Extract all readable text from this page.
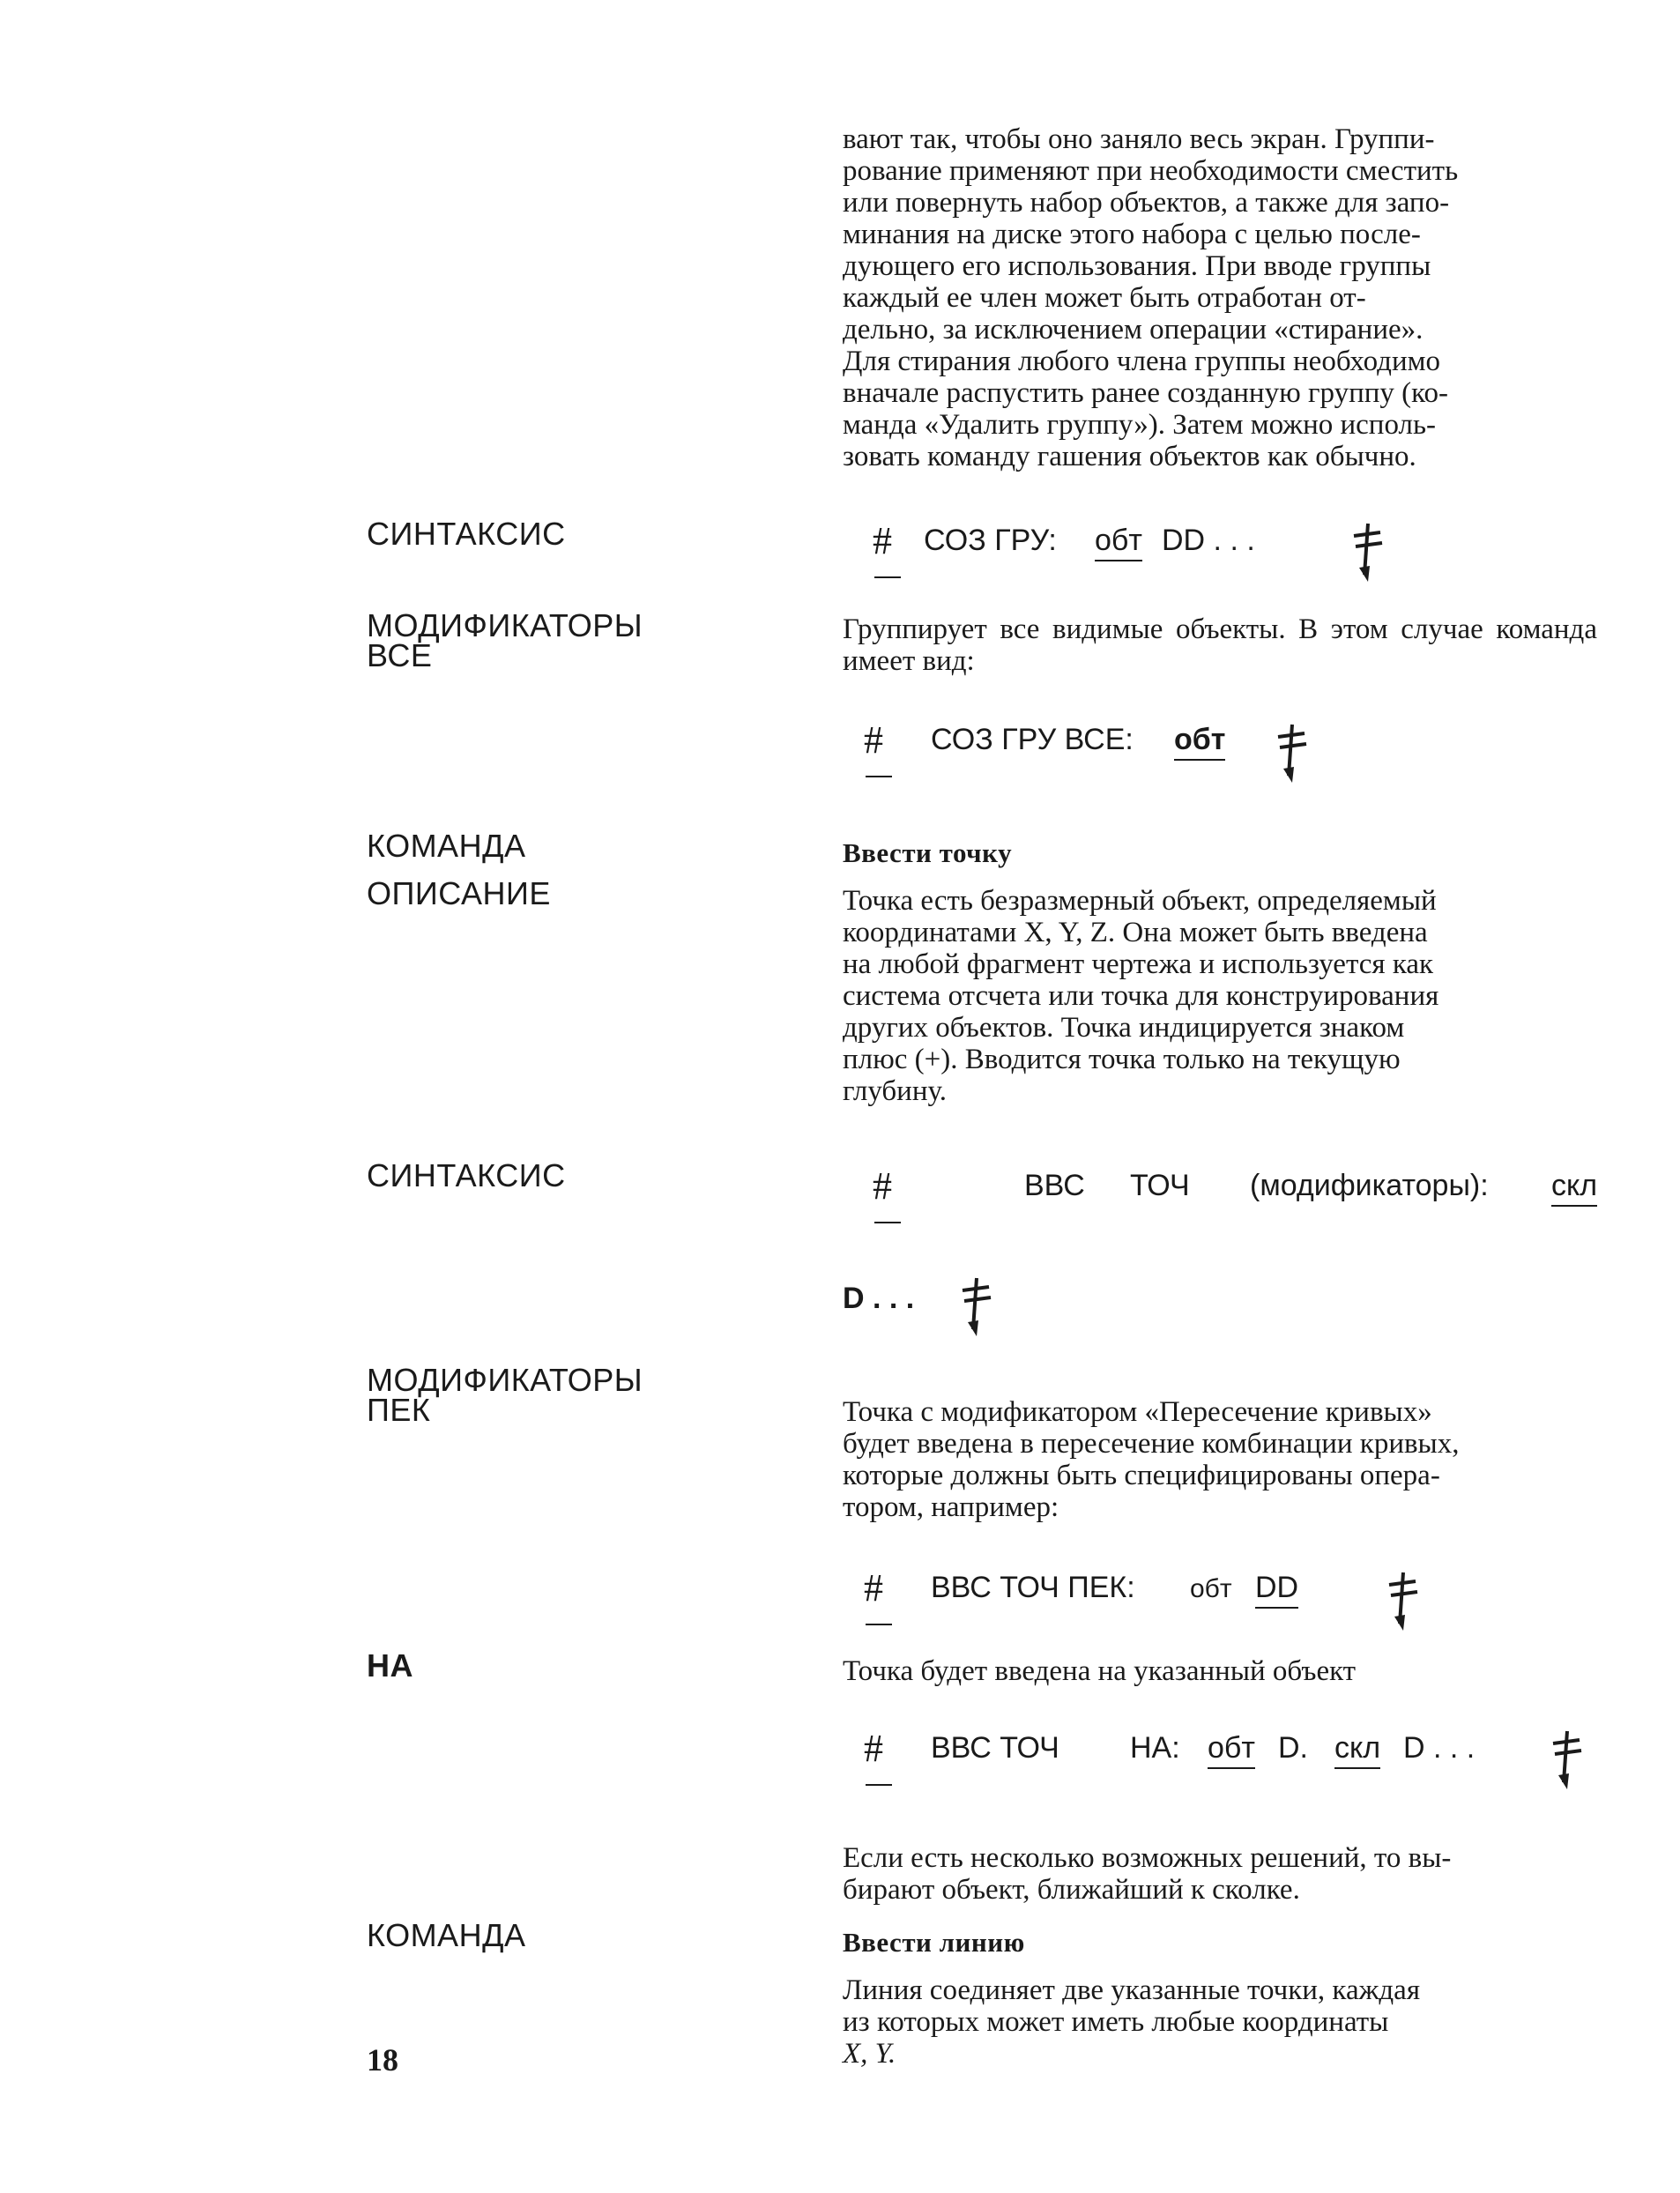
вают так, чтобы оно заняло весь экран. Группи-
рование применяют при необходимости сместить
или повернуть набор объектов, а также для запо-
минания на диске этого набора с целью после-
дующего его использования. При вводе группы
каждый ее член может быть отработан от-
дельно, за исключением операции «стирание».
Для стирания любого члена группы необходимо
вначале распустить ранее созданную группу (ко-
манда «Удалить группу»). Затем можно исполь-
зовать команду гашения объектов как обычно.

СИНТАКСИС	# СОЗ ГРУ: обт DD . . .
МОДИФИКАТОРЫ
ВСЕ

Группирует все видимые объекты. В этом случае команда имеет вид:

# СОЗ ГРУ ВСЕ: обт
КОМАНДА
ОПИСАНИЕ
Ввести точку

Точка есть безразмерный объект, определяемый
координатами X, Y, Z. Она может быть введена
на любой фрагмент чертежа и используется как
система отсчета или точка для конструирования
других объектов. Точка индицируется знаком
плюс (+). Вводится точка только на текущую
глубину.

СИНТАКСИС	#	ВВС ТОЧ (модификаторы): скл
D . . .
МОДИФИКАТОРЫ
ПЕК	Точка с модификатором «Пересечение кривых»
будет введена в пересечение комбинации кривых,
которые должны быть специфицированы опера-
тором, например:

# ВВС ТОЧ ПЕК: обт DD
НА	Точка будет введена на указанный объект

# ВВС ТОЧ НА: обт D. скл D . . .

Если есть несколько возможных решений, то вы-
бирают объект, ближайший к сколке.

КОМАНДА	Ввести линию

Линия соединяет две указанные точки, каждая
из которых может иметь любые координаты
X, Y.

18
